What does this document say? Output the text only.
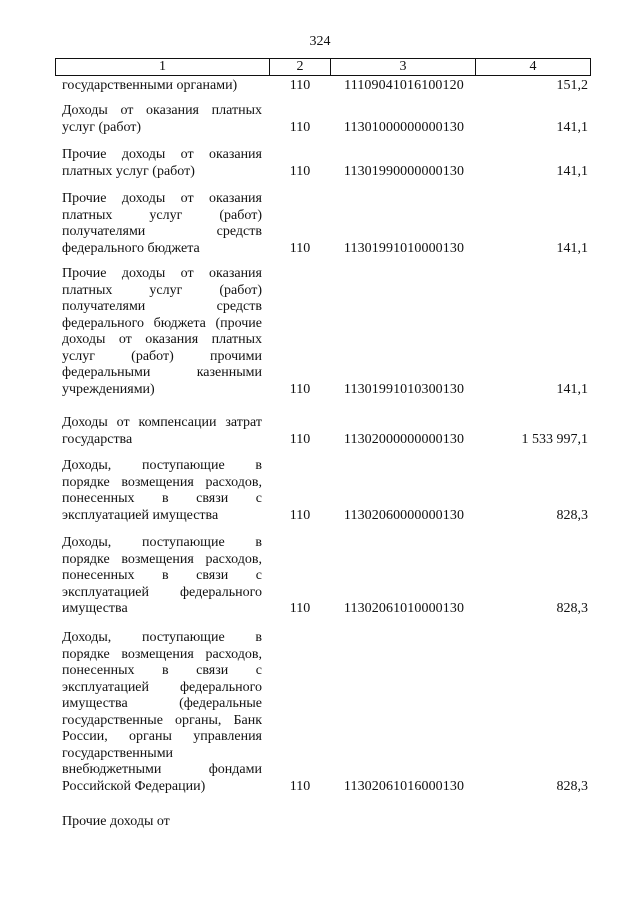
324
1	2	3	4
государственными органами)	110	11109041016100120	151,2
Доходы от оказания платных
услуг (работ)	110	11301000000000130	141,1
Прочие доходы от оказания
платных услуг (работ)	110	11301990000000130	141,1
Прочие доходы от оказания
платных услуг (работ)
получателями средств
федерального бюджета	110	11301991010000130	141,1
Прочие доходы от оказания
платных услуг (работ)
получателями средств
федерального бюджета (прочие
доходы от оказания платных
услуг (работ) прочими
федеральными казенными
учреждениями)	110	11301991010300130	141,1
Доходы от компенсации затрат
государства	110	11302000000000130	1 533 997,1
Доходы, поступающие в
порядке возмещения расходов,
понесенных в связи с
эксплуатацией имущества	110	11302060000000130	828,3
Доходы, поступающие в
порядке возмещения расходов,
понесенных в связи с
эксплуатацией федерального
имущества	110	11302061010000130	828,3
Доходы, поступающие в
порядке возмещения расходов,
понесенных в связи с
эксплуатацией федерального
имущества (федеральные
государственные органы, Банк
России, органы управления
государственными
внебюджетными фондами
Российской Федерации)	110	11302061016000130	828,3
Прочие доходы от
